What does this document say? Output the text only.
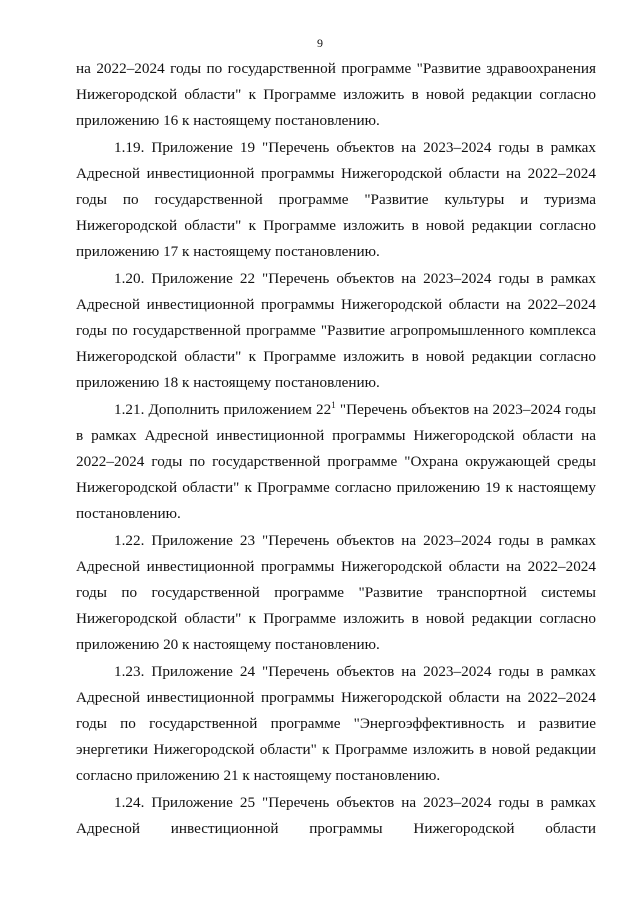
9

на 2022–2024 годы по государственной программе "Развитие здравоохранения Нижегородской области" к Программе изложить в новой редакции согласно приложению 16 к настоящему постановлению.

1.19. Приложение 19 "Перечень объектов на 2023–2024 годы в рамках Адресной инвестиционной программы Нижегородской области на 2022–2024 годы по государственной программе "Развитие культуры и туризма Нижегородской области" к Программе изложить в новой редакции согласно приложению 17 к настоящему постановлению.

1.20. Приложение 22 "Перечень объектов на 2023–2024 годы в рамках Адресной инвестиционной программы Нижегородской области на 2022–2024 годы по государственной программе "Развитие агропромышленного комплекса Нижегородской области" к Программе изложить в новой редакции согласно приложению 18 к настоящему постановлению.

1.21. Дополнить приложением $22^1$ "Перечень объектов на 2023–2024 годы в рамках Адресной инвестиционной программы Нижегородской области на 2022–2024 годы по государственной программе "Охрана окружающей среды Нижегородской области" к Программе согласно приложению 19 к настоящему постановлению.

1.22. Приложение 23 "Перечень объектов на 2023–2024 годы в рамках Адресной инвестиционной программы Нижегородской области на 2022–2024 годы по государственной программе "Развитие транспортной системы Нижегородской области" к Программе изложить в новой редакции согласно приложению 20 к настоящему постановлению.

1.23. Приложение 24 "Перечень объектов на 2023–2024 годы в рамках Адресной инвестиционной программы Нижегородской области на 2022–2024 годы по государственной программе "Энергоэффективность и развитие энергетики Нижегородской области" к Программе изложить в новой редакции согласно приложению 21 к настоящему постановлению.

1.24. Приложение 25 "Перечень объектов на 2023–2024 годы в рамках Адресной инвестиционной программы Нижегородской области
